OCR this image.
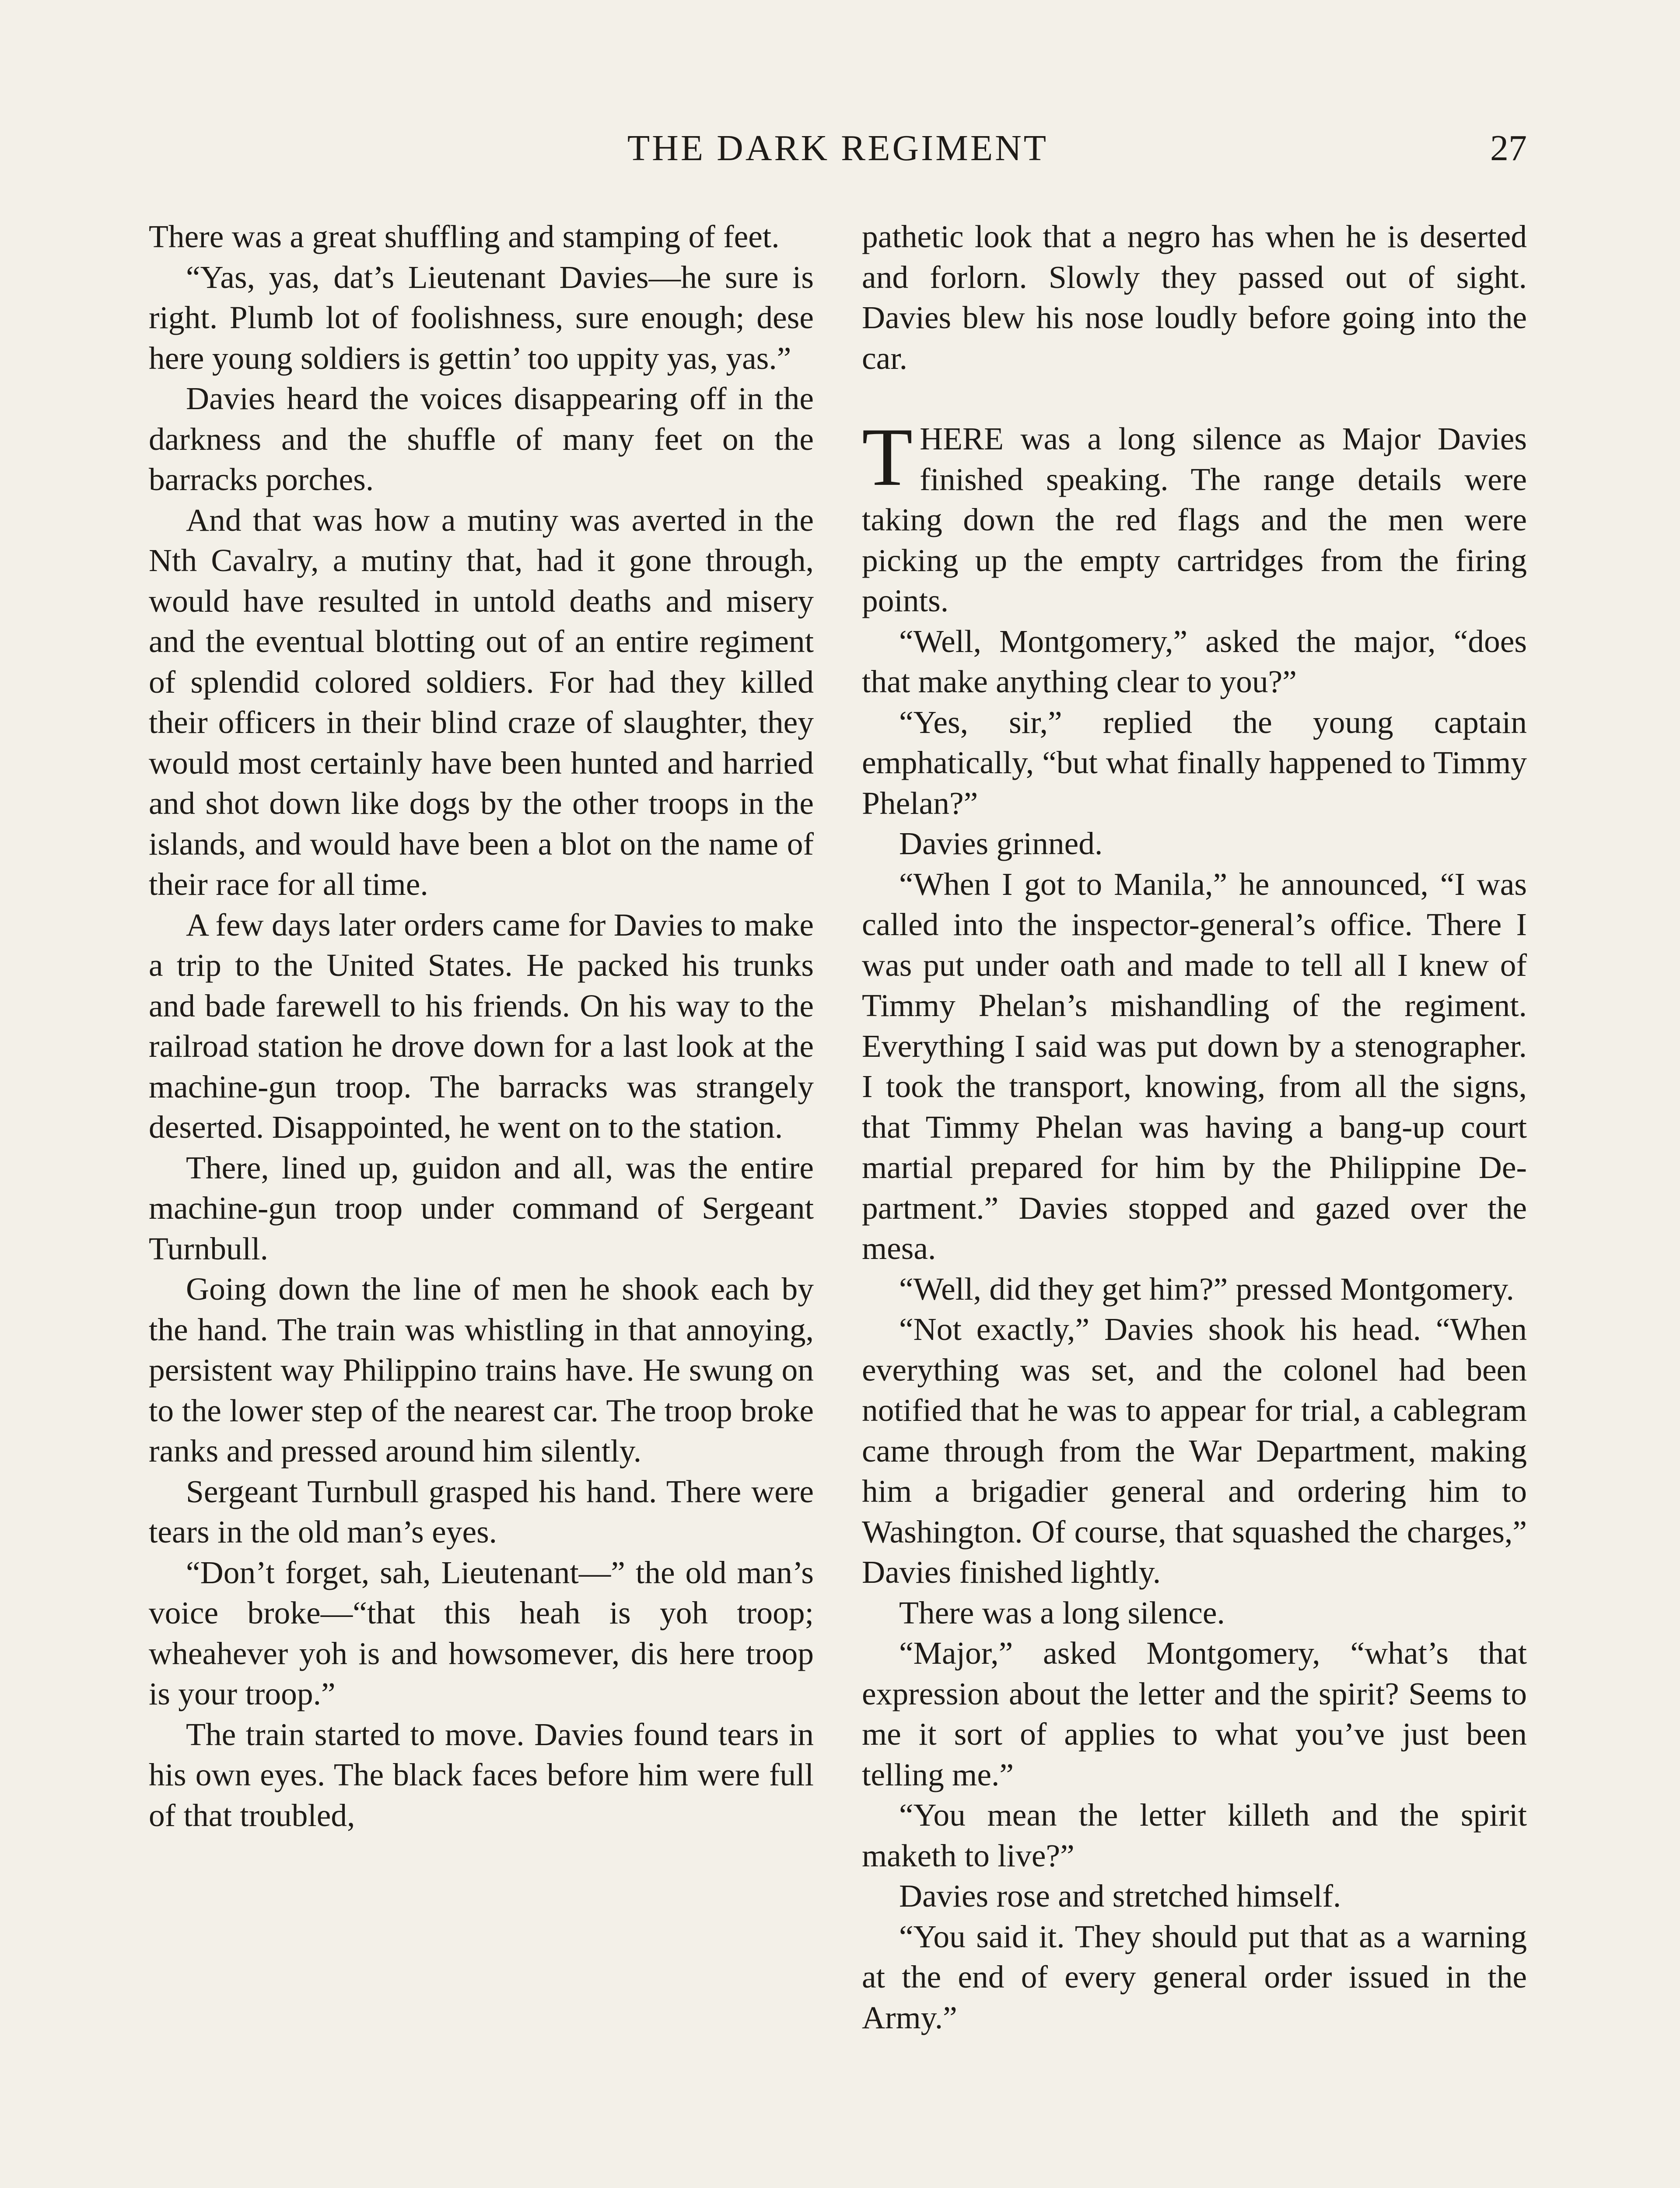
THE DARK REGIMENT	27

There was a great shuffling and stamping of feet.

“Yas, yas, dat’s Lieutenant Davies—he sure is right. Plumb lot of foolishness, sure enough; dese here young soldiers is gettin’ too uppity yas, yas.”

Davies heard the voices disappearing off in the darkness and the shuffle of many feet on the barracks porches.

And that was how a mutiny was averted in the Nth Cavalry, a mutiny that, had it gone through, would have resulted in untold deaths and misery and the eventual blotting out of an entire regiment of splendid colored soldiers. For had they killed their officers in their blind craze of slaughter, they would most certainly have been hunted and harried and shot down like dogs by the other troops in the islands, and would have been a blot on the name of their race for all time.

A few days later orders came for Davies to make a trip to the United States. He packed his trunks and bade farewell to his friends. On his way to the railroad station he drove down for a last look at the machine-gun troop. The barracks was strangely deserted. Disappointed, he went on to the station.

There, lined up, guidon and all, was the entire machine-gun troop under command of Sergeant Turnbull.

Going down the line of men he shook each by the hand. The train was whistling in that annoying, persistent way Philippino trains have. He swung on to the lower step of the nearest car. The troop broke ranks and pressed around him silently.

Sergeant Turnbull grasped his hand. There were tears in the old man’s eyes.

“Don’t forget, sah, Lieutenant—” the old man’s voice broke—“that this heah is yoh troop; wheahever yoh is and howsomever, dis here troop is your troop.”

The train started to move. Davies found tears in his own eyes. The black faces before him were full of that troubled,

pathetic look that a negro has when he is deserted and forlorn. Slowly they passed out of sight. Davies blew his nose loudly before going into the car.

THERE was a long silence as Major Davies finished speaking. The range details were taking down the red flags and the men were picking up the empty cartridges from the firing points.

“Well, Montgomery,” asked the major, “does that make anything clear to you?”

“Yes, sir,” replied the young captain emphatically, “but what finally happened to Timmy Phelan?”

Davies grinned.

“When I got to Manila,” he announced, “I was called into the inspector-general’s office. There I was put under oath and made to tell all I knew of Timmy Phelan’s mishandling of the regiment. Everything I said was put down by a stenographer. I took the transport, knowing, from all the signs, that Timmy Phelan was having a bang-up court martial prepared for him by the Philippine Department.” Davies stopped and gazed over the mesa.

“Well, did they get him?” pressed Montgomery.

“Not exactly,” Davies shook his head. “When everything was set, and the colonel had been notified that he was to appear for trial, a cablegram came through from the War Department, making him a brigadier general and ordering him to Washington. Of course, that squashed the charges,” Davies finished lightly.

There was a long silence.

“Major,” asked Montgomery, “what’s that expression about the letter and the spirit? Seems to me it sort of applies to what you’ve just been telling me.”

“You mean the letter killeth and the spirit maketh to live?”

Davies rose and stretched himself.

“You said it. They should put that as a warning at the end of every general order issued in the Army.”
